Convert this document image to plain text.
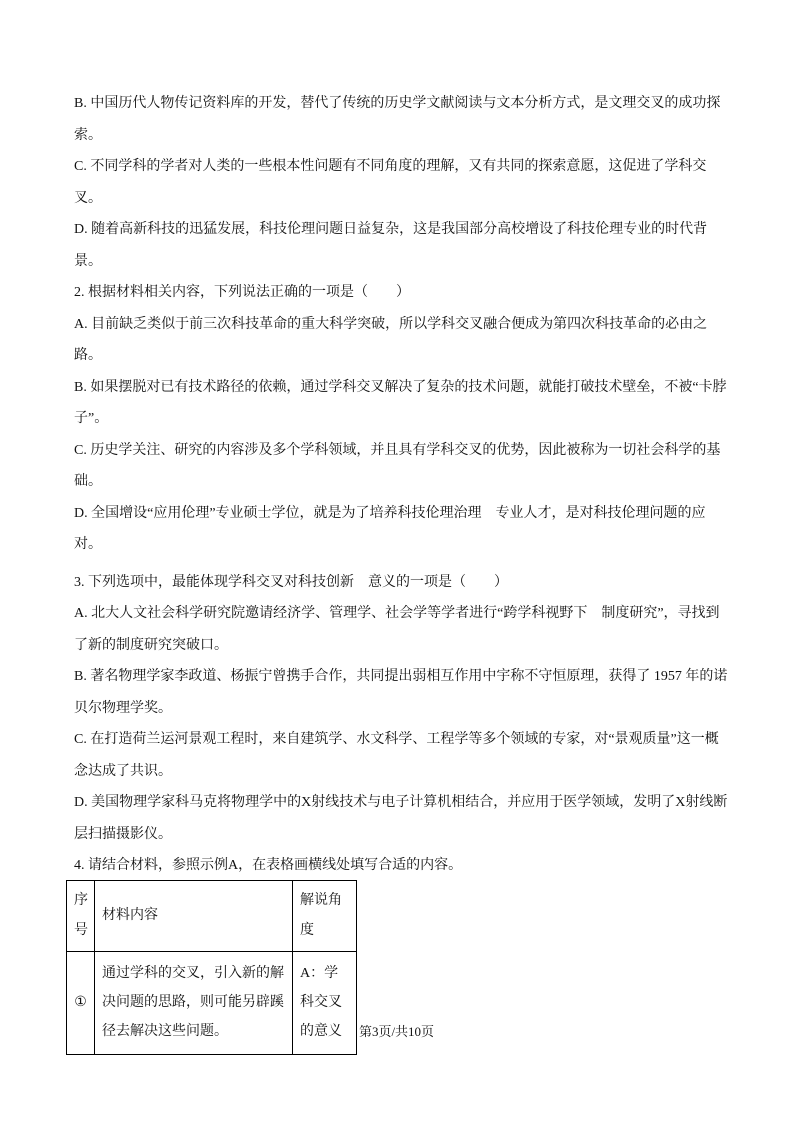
B. 中国历代人物传记资料库的开发，替代了传统的历史学文献阅读与文本分析方式，是文理交叉的成功探索。

C. 不同学科的学者对人类的一些根本性问题有不同角度的理解，又有共同的探索意愿，这促进了学科交叉。

D. 随着高新科技的迅猛发展，科技伦理问题日益复杂，这是我国部分高校增设了科技伦理专业的时代背景。

2. 根据材料相关内容，下列说法正确的一项是（　　）

A. 目前缺乏类似于前三次科技革命的重大科学突破，所以学科交叉融合便成为第四次科技革命的必由之路。

B. 如果摆脱对已有技术路径的依赖，通过学科交叉解决了复杂的技术问题，就能打破技术壁垒，不被“卡脖子”。

C. 历史学关注、研究的内容涉及多个学科领域，并且具有学科交叉的优势，因此被称为一切社会科学的基础。

D. 全国增设“应用伦理”专业硕士学位，就是为了培养科技伦理治理　专业人才，是对科技伦理问题的应对。

3. 下列选项中，最能体现学科交叉对科技创新　意义的一项是（　　）

A. 北大人文社会科学研究院邀请经济学、管理学、社会学等学者进行“跨学科视野下　制度研究”，寻找到了新的制度研究突破口。

B. 著名物理学家李政道、杨振宁曾携手合作，共同提出弱相互作用中宇称不守恒原理，获得了 1957 年的诺贝尔物理学奖。

C. 在打造荷兰运河景观工程时，来自建筑学、水文科学、工程学等多个领域的专家，对“景观质量”这一概念达成了共识。

D. 美国物理学家科马克将物理学中的X射线技术与电子计算机相结合，并应用于医学领域，发明了X射线断层扫描摄影仪。

4. 请结合材料，参照示例A，在表格画横线处填写合适的内容。

序号	材料内容	解说角度
①	通过学科的交叉，引入新的解决问题的思路，则可能另辟蹊径去解决这些问题。	A：学科交叉的意义	第3页/共10页
